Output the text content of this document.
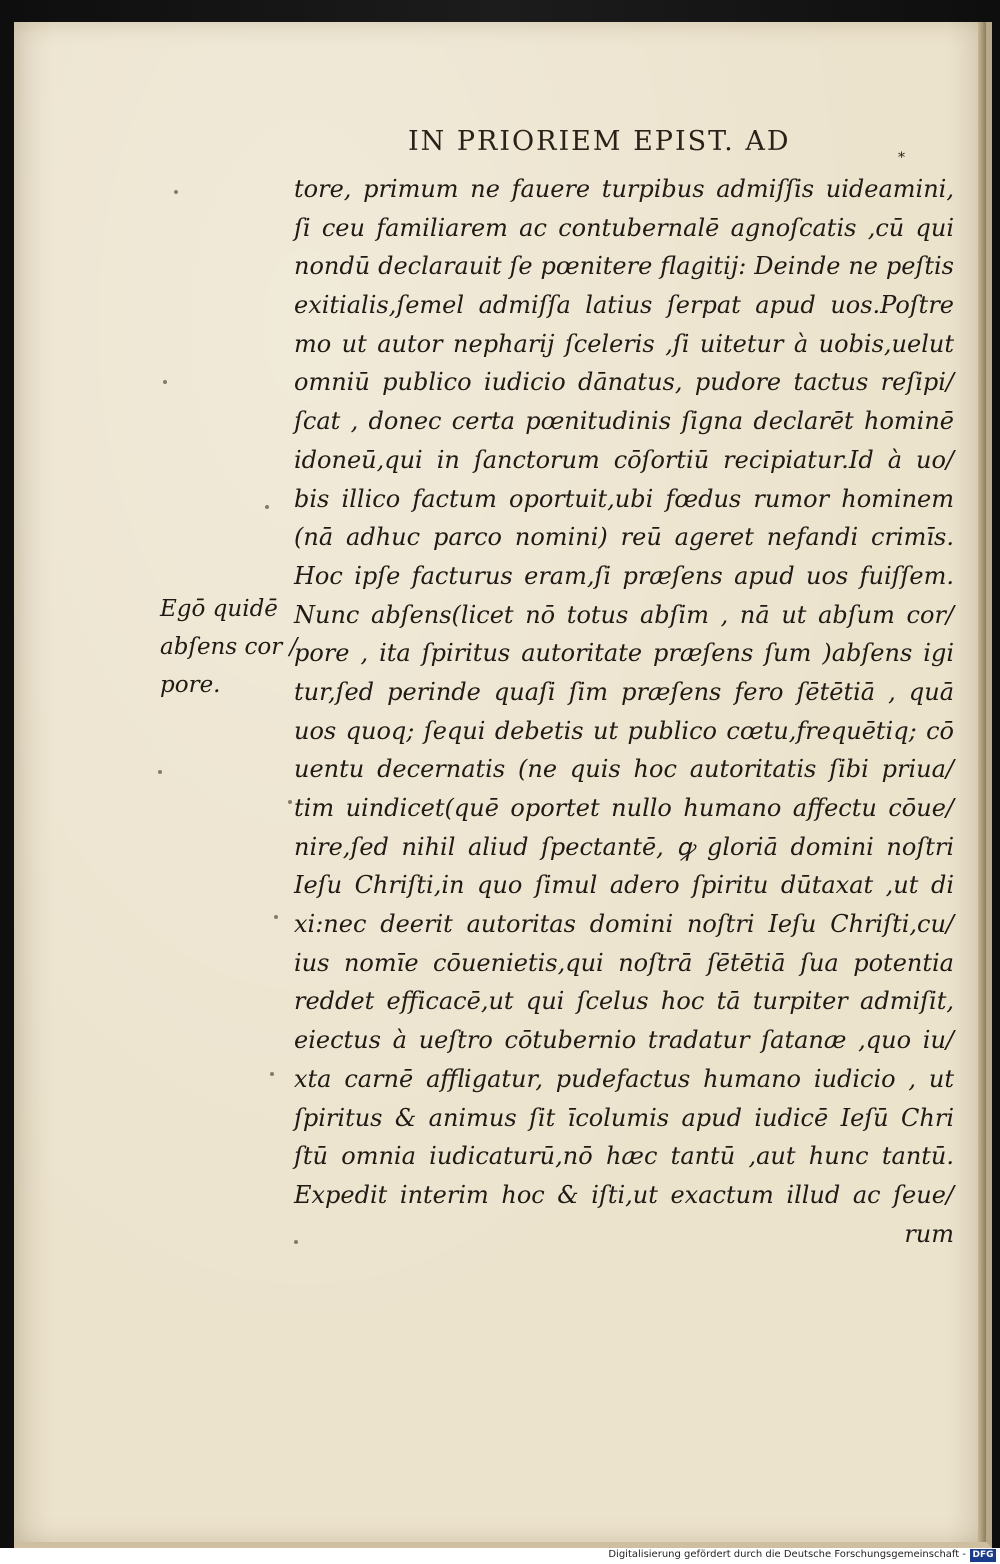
IN PRIORIEM EPIST. AD
*
tore, primum ne fauere turpibus admiſſis uideamini,
ſi ceu familiarem ac contubernalē agnoſcatis ,cū qui
nondū declarauit ſe pœnitere flagitij: Deinde ne peſtis
exitialis,ſemel admiſſa latius ſerpat apud uos.Poſtre
mo ut autor nepharij ſceleris ,ſi uitetur à uobis,uelut
omniū publico iudicio dānatus, pudore tactus reſipi/
ſcat , donec certa pœnitudinis ſigna declarēt hominē
idoneū,qui in ſanctorum cōſortiū recipiatur.Id à uo/
bis illico factum oportuit,ubi fœdus rumor hominem
(nā adhuc parco nomini) reū ageret nefandi crimīs.
Hoc ipſe facturus eram,ſi præſens apud uos fuiſſem.
Nunc abſens(licet nō totus abſim , nā ut abſum cor/
pore , ita ſpiritus autoritate præſens ſum )abſens igi
tur,ſed perinde quaſi ſim præſens fero ſētētiā , quā
uos quoq; ſequi debetis ut publico cœtu,frequētiq; cō
uentu decernatis (ne quis hoc autoritatis ſibi priua/
tim uindicet(quē oportet nullo humano affectu cōue/
nire,ſed nihil aliud ſpectantē, ꝙ gloriā domini noſtri
Ieſu Chriſti,in quo ſimul adero ſpiritu dūtaxat ,ut di
xi:nec deerit autoritas domini noſtri Ieſu Chriſti,cu/
ius nomīe cōuenietis,qui noſtrā ſētētiā ſua potentia
reddet efficacē,ut qui ſcelus hoc tā turpiter admiſit,
eiectus à ueſtro cōtubernio tradatur ſatanæ ,quo iu/
xta carnē affligatur, pudefactus humano iudicio , ut
ſpiritus & animus ſit īcolumis apud iudicē Ieſū Chri
ſtū omnia iudicaturū,nō hæc tantū ,aut hunc tantū.
Expedit interim hoc & iſti,ut exactum illud ac ſeue/
rum
Egō quidē
abſens cor /
pore.
Digitalisierung gefördert durch die Deutsche Forschungsgemeinschaft - DFG
